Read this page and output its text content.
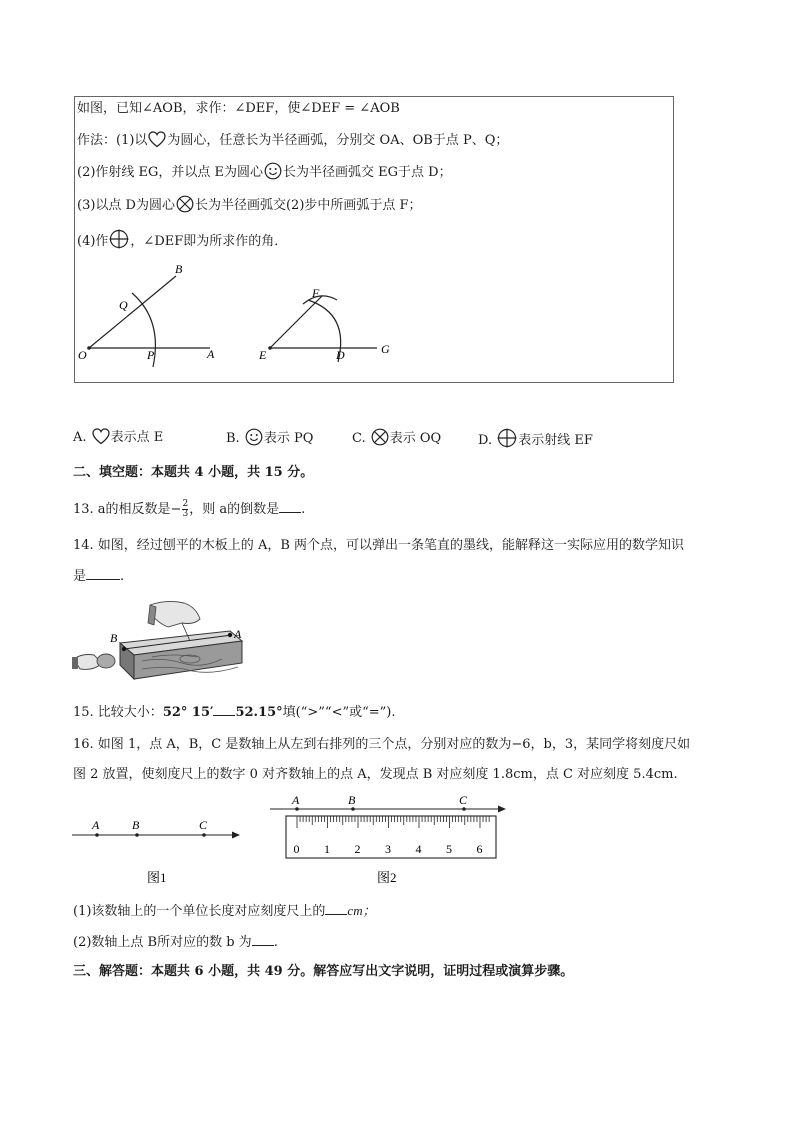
如图，已知∠AOB，求作：∠DEF，使∠DEF = ∠AOB
作法：(1)以 为圆心，任意长为半径画弧，分别交 OA、OB于点 P、Q；
(2)作射线 EG，并以点 E为圆心 长为半径画弧交 EG于点 D；
(3)以点 D为圆心 长为半径画弧交(2)步中所画弧于点 F；
(4)作 ，∠DEF即为所求作的角．
O	P	A
Q
B
E	D	G
F
A. 表示点 E	B. 表示 PQ	C. 表示 OQ	D. 表示射线 EF
二、填空题：本题共 4 小题，共 15 分。
13. a的相反数是− $\frac{2}{3}$ ，则 a的倒数是 .
14. 如图，经过刨平的木板上的 A，B 两个点，可以弹出一条笔直的墨线，能解释这一实际应用的数学知识
是	.
B	A
15. 比较大小：52° 15′ 52.15°填(“>”“<”或“=”).
16. 如图 1，点 A，B，C 是数轴上从左到右排列的三个点，分别对应的数为−6，b，3，某同学将刻度尺如
图 2 放置，使刻度尺上的数字 0 对齐数轴上的点 A，发现点 B 对应刻度 1.8cm，点 C 对应刻度 5.4cm.
A	B	C
图1
A	B	C
0 1 2 3 4 5 6
图2
(1)该数轴上的一个单位长度对应刻度尺上的 cm；
(2)数轴上点 B所对应的数 b 为 .
三、解答题：本题共 6 小题，共 49 分。解答应写出文字说明，证明过程或演算步骤。
